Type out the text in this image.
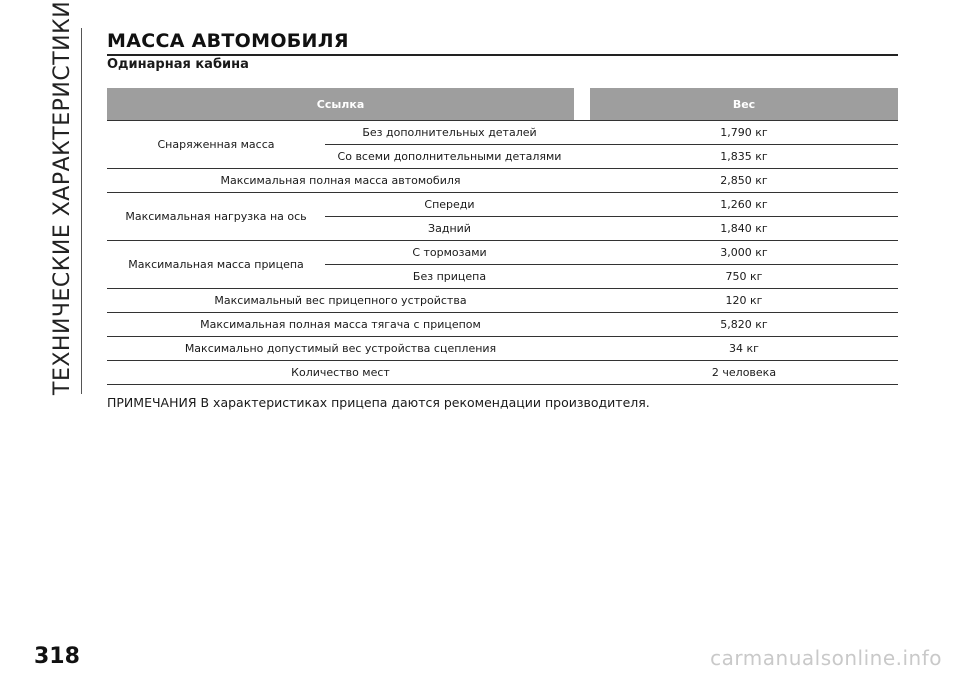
ТЕХНИЧЕСКИЕ ХАРАКТЕРИСТИКИ МАССА АВТОМОБИЛЯ
Одинарная кабина
Ссылка			Вес
Снаряженная масса	Без дополнительных деталей		1,790 кг
	Со всеми дополнительными деталями		1,835 кг
Максимальная полная масса автомобиля			2,850 кг
Максимальная нагрузка на ось	Спереди		1,260 кг
	Задний		1,840 кг
Максимальная масса прицепа	С тормозами		3,000 кг
	Без прицепа		750 кг
Максимальный вес прицепного устройства			120 кг
Максимальная полная масса тягача с прицепом			5,820 кг
Максимально допустимый вес устройства сцепления			34 кг
Количество мест			2 человека
ПРИМЕЧАНИЯ В характеристиках прицепа даются рекомендации производителя.
318	carmanualsonline.info
